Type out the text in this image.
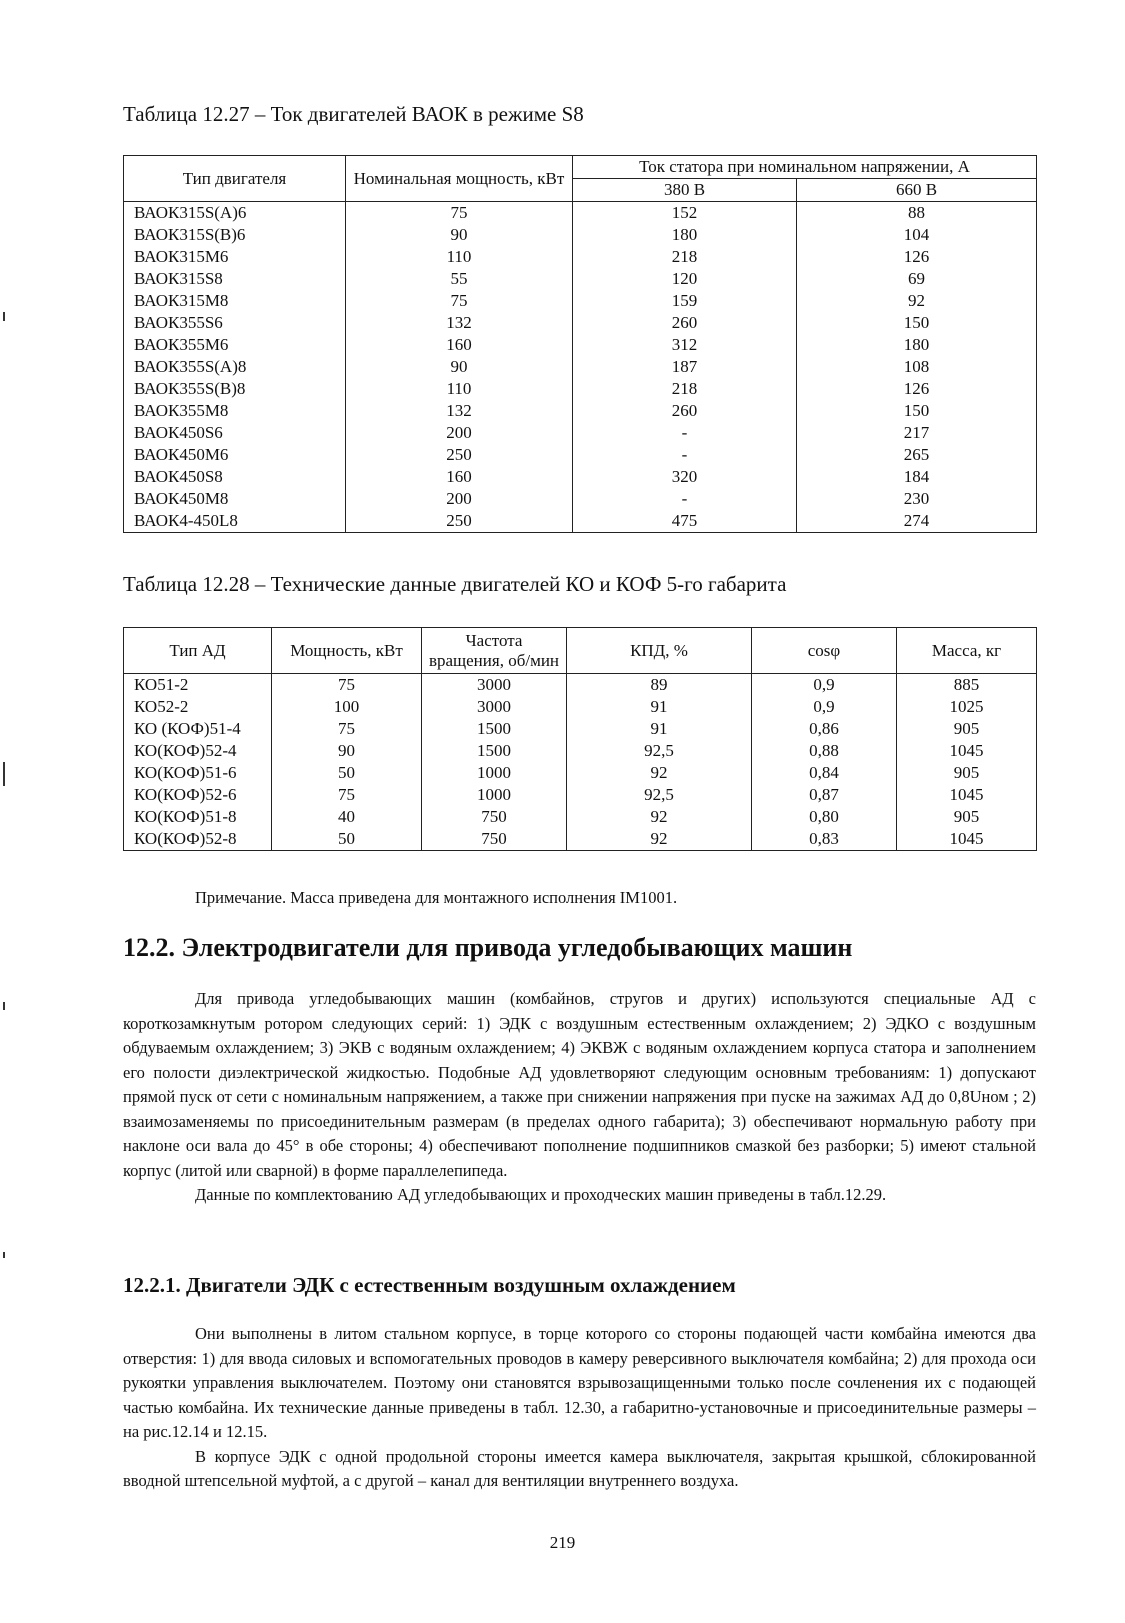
Таблица 12.27 – Ток двигателей ВАОК в режиме S8
Тип двигателя	Номинальная мощность, кВт	Ток статора при номинальном напряжении, А	
		380 В	660 В
ВАОК315S(А)6	75	152	88
ВАОК315S(В)6	90	180	104
ВАОК315М6	110	218	126
ВАОК315S8	55	120	69
ВАОК315М8	75	159	92
ВАОК355S6	132	260	150
ВАОК355М6	160	312	180
ВАОК355S(А)8	90	187	108
ВАОК355S(В)8	110	218	126
ВАОК355М8	132	260	150
ВАОК450S6	200	-	217
ВАОК450М6	250	-	265
ВАОК450S8	160	320	184
ВАОК450М8	200	-	230
ВАОК4-450L8	250	475	274
Таблица 12.28 – Технические данные двигателей КО и КОФ 5-го габарита
Тип АД	Мощность, кВт	Частота вращения, об/мин	КПД, %	cosφ	Масса, кг
КО51-2	75	3000	89	0,9	885
КО52-2	100	3000	91	0,9	1025
КО (КОФ)51-4	75	1500	91	0,86	905
КО(КОФ)52-4	90	1500	92,5	0,88	1045
КО(КОФ)51-6	50	1000	92	0,84	905
КО(КОФ)52-6	75	1000	92,5	0,87	1045
КО(КОФ)51-8	40	750	92	0,80	905
КО(КОФ)52-8	50	750	92	0,83	1045
Примечание. Масса приведена для монтажного исполнения IM1001.
12.2. Электродвигатели для привода угледобывающих машин

Для привода угледобывающих машин (комбайнов, стругов и других) используются специальные АД с короткозамкнутым ротором следующих серий: 1) ЭДК с воздушным естественным охлаждением; 2) ЭДКО с воздушным обдуваемым охлаждением; 3) ЭКВ с водяным охлаждением; 4) ЭКВЖ с водяным охлаждением корпуса статора и заполнением его полости диэлектрической жидкостью. Подобные АД удовлетворяют следующим основным требованиям: 1) допускают прямой пуск от сети с номинальным напряжением, а также при снижении напряжения при пуске на зажимах АД до 0,8Uном ; 2) взаимозаменяемы по присоединительным размерам (в пределах одного габарита); 3) обеспечивают нормальную работу при наклоне оси вала до 45° в обе стороны; 4) обеспечивают пополнение подшипников смазкой без разборки; 5) имеют стальной корпус (литой или сварной) в форме параллелепипеда.

Данные по комплектованию АД угледобывающих и проходческих машин приведены в табл.12.29.

12.2.1. Двигатели ЭДК с естественным воздушным охлаждением

Они выполнены в литом стальном корпусе, в торце которого со стороны подающей части комбайна имеются два отверстия: 1) для ввода силовых и вспомогательных проводов в камеру реверсивного выключателя комбайна; 2) для прохода оси рукоятки управления выключателем. Поэтому они становятся взрывозащищенными только после сочленения их с подающей частью комбайна. Их технические данные приведены в табл. 12.30, а габаритно-установочные и присоединительные размеры – на рис.12.14 и 12.15.

В корпусе ЭДК с одной продольной стороны имеется камера выключателя, закрытая крышкой, сблокированной вводной штепсельной муфтой, а с другой – канал для вентиляции внутреннего воздуха.

219
